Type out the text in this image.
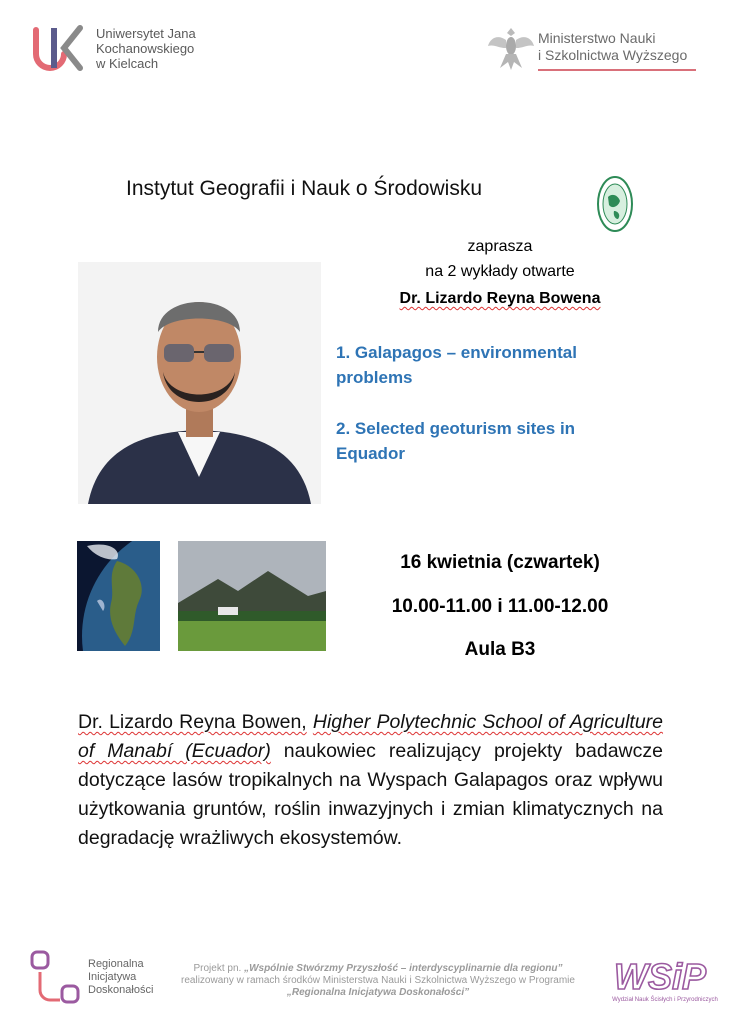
Uniwersytet Jana
Kochanowskiego
w Kielcach
Ministerstwo Nauki
i Szkolnictwa Wyższego
Instytut Geografii i Nauk o Środowisku
zaprasza
na 2 wykłady otwarte
Dr. Lizardo Reyna Bowena
1. Galapagos – environmental problems
2. Selected geoturism sites in Equador
16 kwietnia (czwartek)
10.00-11.00 i 11.00-12.00
Aula B3
Dr. Lizardo Reyna Bowen, Higher Polytechnic School of Agriculture of Manabí (Ecuador) naukowiec realizujący projekty badawcze dotyczące lasów tropikalnych na Wyspach Galapagos oraz wpływu użytkowania gruntów, roślin inwazyjnych i zmian klimatycznych na degradację wrażliwych ekosystemów.
Regionalna
Inicjatywa
Doskonałości
Projekt pn. „Wspólnie Stwórzmy Przyszłość – interdyscyplinarnie dla regionu”
realizowany w ramach środków Ministerstwa Nauki i Szkolnictwa Wyższego w Programie
„Regionalna Inicjatywa Doskonałości”	WSiP
Wydział Nauk Ścisłych i Przyrodniczych
